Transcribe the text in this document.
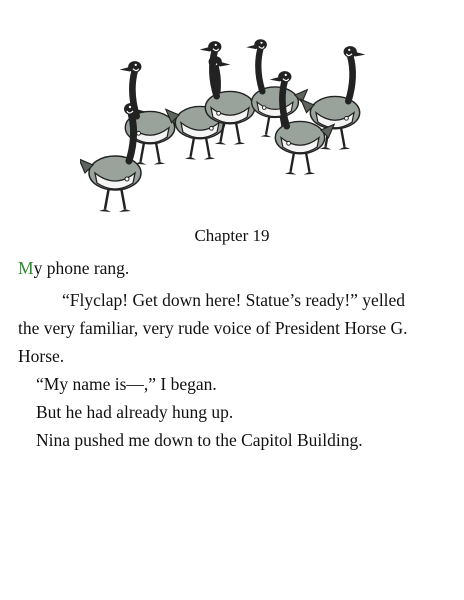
Chapter 19
My phone rang.
“Flyclap! Get down here! Statue’s ready!” yelled
the very familiar, very rude voice of President Horse G.
Horse.
“My name is—,” I began.
But he had already hung up.
Nina pushed me down to the Capitol Building.
